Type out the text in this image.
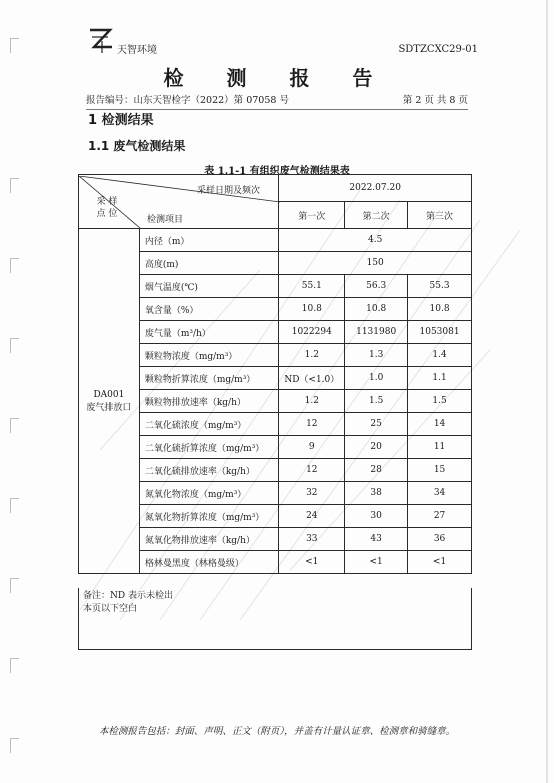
天智环境	SDTZCXC29-01
检 测 报 告
报告编号：山东天智检字（2022）第 07058 号	第 2 页 共 8 页
1 检测结果
1.1 废气检测结果
表 1.1-1 有组织废气检测结果表
采样日期及频次
检测项目
采 样
点 位		2022.07.20		
		第一次	第二次	第三次
DA001
废气排放口	内径（m）	4.5		
	高度(m)	150		
	烟气温度(℃)	55.1	56.3	55.3
	氧含量（%）	10.8	10.8	10.8
	废气量（m³/h）	1022294	1131980	1053081
	颗粒物浓度（mg/m³）	1.2	1.3	1.4
	颗粒物折算浓度（mg/m³）	ND（<1.0）	1.0	1.1
	颗粒物排放速率（kg/h）	1.2	1.5	1.5
	二氧化硫浓度（mg/m³）	12	25	14
	二氧化硫折算浓度（mg/m³）	9	20	11
	二氧化硫排放速率（kg/h）	12	28	15
	氮氧化物浓度（mg/m³）	32	38	34
	氮氧化物折算浓度（mg/m³）	24	30	27
	氮氧化物排放速率（kg/h）	33	43	36
	格林曼黑度（林格曼级）	<1	<1	<1
备注：ND 表示未检出
本页以下空白
本检测报告包括：封面、声明、正文（附页），并盖有计量认证章、检测章和骑缝章。
